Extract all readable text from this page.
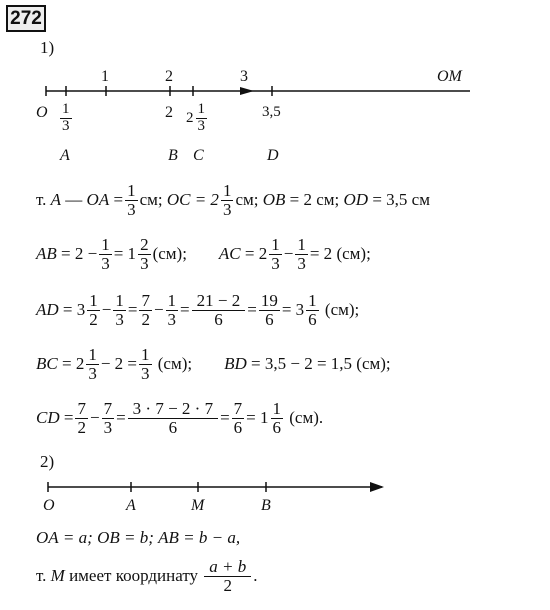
272
1)
1	2	3	OM
O $\frac{1}{3}$	2 $2 \frac{1}{3}$	3,5
A	B C	D
т.
A
—
OA
= $\frac{1}{3}$ см;
OC = $2 \frac{1}{3}$ см;
OB
= 2 см;
OD
= 3,5 см
AB
= $2 - \frac{1}{3} = 1 \frac{2}{3} (см)$; AC
= $2 \frac{1}{3} - \frac{1}{3} = 2$
(см);
AD
= $3 \frac{1}{2} - \frac{1}{3} = \frac{7}{2} - \frac{1}{3} = \frac{21 - 2}{6} = \frac{19}{6} = 3 \frac{1}{6}$
(см);
BC
= $2 \frac{1}{3} - 2 = \frac{1}{3}$
(см); BD
= 3,5 − 2 = 1,5 (см);
CD
= $\frac{7}{2} - \frac{7}{3} = \frac{3 \cdot 7 - 2 \cdot 7}{6} = \frac{7}{6} = 1 \frac{1}{6}$
(см).
2)
O	A	M	B
OA
= a;
OB
= b;
AB
= b − a,
т.
M
имеет координату
$\frac{a + b}{2}$ .
